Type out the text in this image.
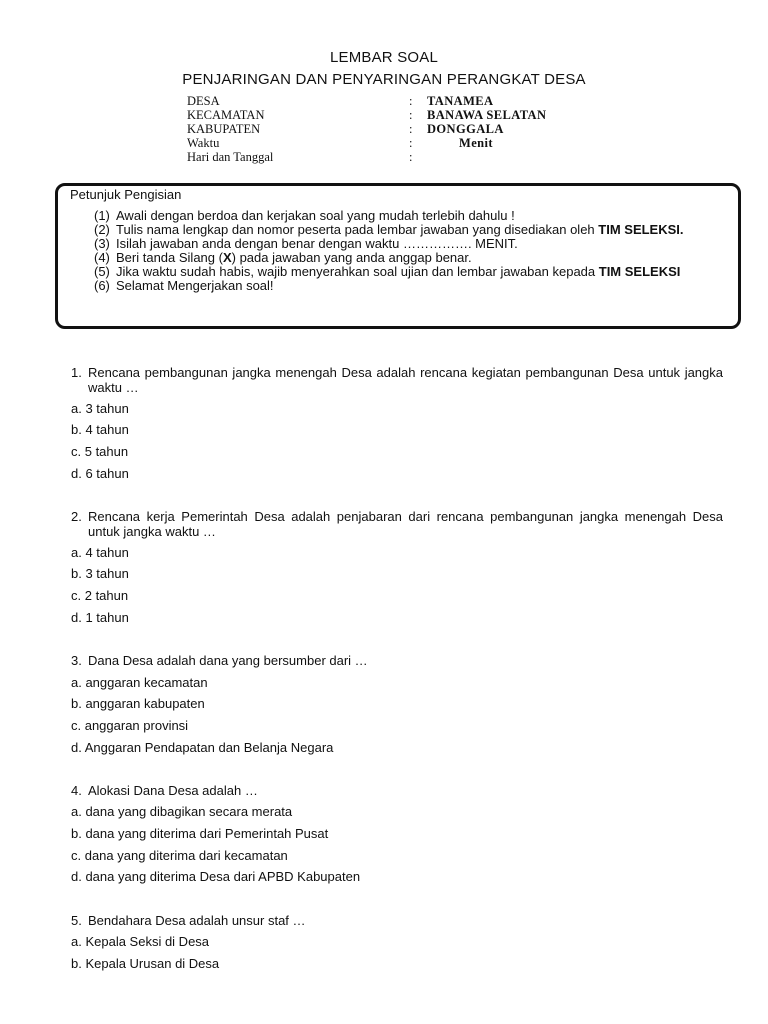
LEMBAR SOAL
PENJARINGAN DAN PENYARINGAN PERANGKAT DESA
DESA	: TANAMEA
KECAMATAN	: BANAWA SELATAN
KABUPATEN	: DONGGALA
Waktu	:	Menit
Hari dan Tanggal	:
Petunjuk Pengisian
(1) Awali dengan berdoa dan kerjakan soal yang mudah terlebih dahulu !
(2) Tulis nama lengkap dan nomor peserta pada lembar jawaban yang disediakan oleh TIM SELEKSI.
(3) Isilah jawaban anda dengan benar dengan waktu ……………. MENIT.
(4) Beri tanda Silang (X) pada jawaban yang anda anggap benar.
(5) Jika waktu sudah habis, wajib menyerahkan soal ujian dan lembar jawaban kepada TIM SELEKSI
(6) Selamat Mengerjakan soal!
1. Rencana pembangunan jangka menengah Desa adalah rencana kegiatan pembangunan Desa untuk jangka waktu …
a. 3 tahun
b. 4 tahun
c. 5 tahun
d. 6 tahun
2. Rencana kerja Pemerintah Desa adalah penjabaran dari rencana pembangunan jangka menengah Desa untuk jangka waktu …
a. 4 tahun
b. 3 tahun
c. 2 tahun
d. 1 tahun
3. Dana Desa adalah dana yang bersumber dari …
a. anggaran kecamatan
b. anggaran kabupaten
c. anggaran provinsi
d. Anggaran Pendapatan dan Belanja Negara
4. Alokasi Dana Desa adalah …
a. dana yang dibagikan secara merata
b. dana yang diterima dari Pemerintah Pusat
c. dana yang diterima dari kecamatan
d. dana yang diterima Desa dari APBD Kabupaten
5. Bendahara Desa adalah unsur staf …
a. Kepala Seksi di Desa
b. Kepala Urusan di Desa
